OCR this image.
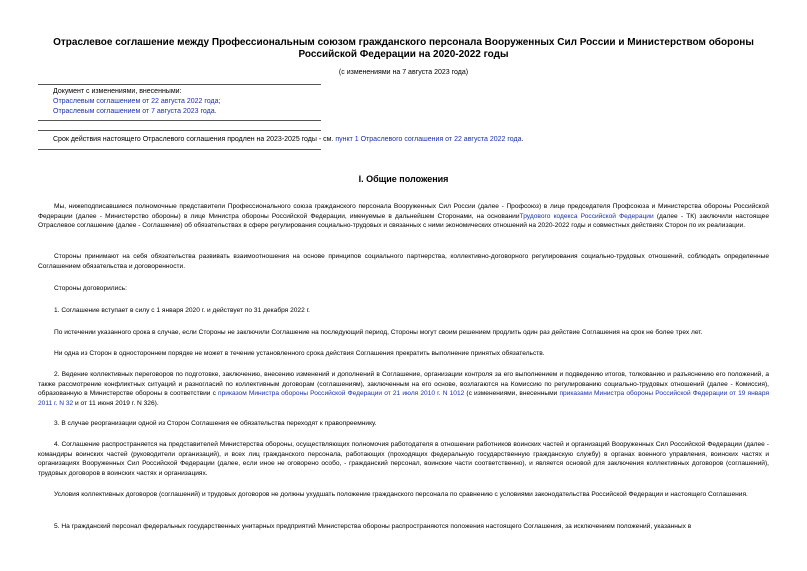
Отраслевое соглашение между Профессиональным союзом гражданского персонала Вооруженных Сил России и Министерством обороны Российской Федерации на 2020-2022 годы
(с изменениями на 7 августа 2023 года)
Документ с изменениями, внесенными:
Отраслевым соглашением от 22 августа 2022 года;
Отраслевым соглашением от 7 августа 2023 года.
Срок действия настоящего Отраслевого соглашения продлен на 2023-2025 годы - см. пункт 1 Отраслевого соглашения от 22 августа 2022 года.
I. Общие положения
Мы, нижеподписавшиеся полномочные представители Профессионального союза гражданского персонала Вооруженных Сил России (далее - Профсоюз) в лице председателя Профсоюза и Министерства обороны Российской Федерации (далее - Министерство обороны) в лице Министра обороны Российской Федерации, именуемые в дальнейшем Сторонами, на основанииТрудового кодекса Российской Федерации (далее - ТК) заключили настоящее Отраслевое соглашение (далее - Соглашение) об обязательствах в сфере регулирования социально-трудовых и связанных с ними экономических отношений на 2020-2022 годы и совместных действиях Сторон по их реализации.
Стороны принимают на себя обязательства развивать взаимоотношения на основе принципов социального партнерства, коллективно-договорного регулирования социально-трудовых отношений, соблюдать определенные Соглашением обязательства и договоренности.
Стороны договорились:
1. Соглашение вступает в силу с 1 января 2020 г. и действует по 31 декабря 2022 г.
По истечении указанного срока в случае, если Стороны не заключили Соглашение на последующий период, Стороны могут своим решением продлить один раз действие Соглашения на срок не более трех лет.
Ни одна из Сторон в одностороннем порядке не может в течение установленного срока действия Соглашения прекратить выполнение принятых обязательств.
2. Ведение коллективных переговоров по подготовке, заключению, внесению изменений и дополнений в Соглашение, организации контроля за его выполнением и подведению итогов, толкованию и разъяснению его положений, а также рассмотрение конфликтных ситуаций и разногласий по коллективным договорам (соглашениям), заключенным на его основе, возлагаются на Комиссию по регулированию социально-трудовых отношений (далее - Комиссия), образованную в Министерстве обороны в соответствии с приказом Министра обороны Российской Федерации от 21 июля 2010 г. N 1012 (с изменениями, внесенными приказами Министра обороны Российской Федерации от 19 января 2011 г. N 32 и от 11 июня 2019 г. N 326).
3. В случае реорганизации одной из Сторон Соглашения ее обязательства переходят к правопреемнику.
4. Соглашение распространяется на представителей Министерства обороны, осуществляющих полномочия работодателя в отношении работников воинских частей и организаций Вооруженных Сил Российской Федерации (далее - командиры воинских частей (руководители организаций), и всех лиц гражданского персонала, работающих (проходящих федеральную государственную гражданскую службу) в органах военного управления, воинских частях и организациях Вооруженных Сил Российской Федерации (далее, если иное не оговорено особо, - гражданский персонал, воинские части соответственно), и является основой для заключения коллективных договоров (соглашений), трудовых договоров в воинских частях и организациях.
Условия коллективных договоров (соглашений) и трудовых договоров не должны ухудшать положение гражданского персонала по сравнению с условиями законодательства Российской Федерации и настоящего Соглашения.
5. На гражданский персонал федеральных государственных унитарных предприятий Министерства обороны распространяются положения настоящего Соглашения, за исключением положений, указанных в
